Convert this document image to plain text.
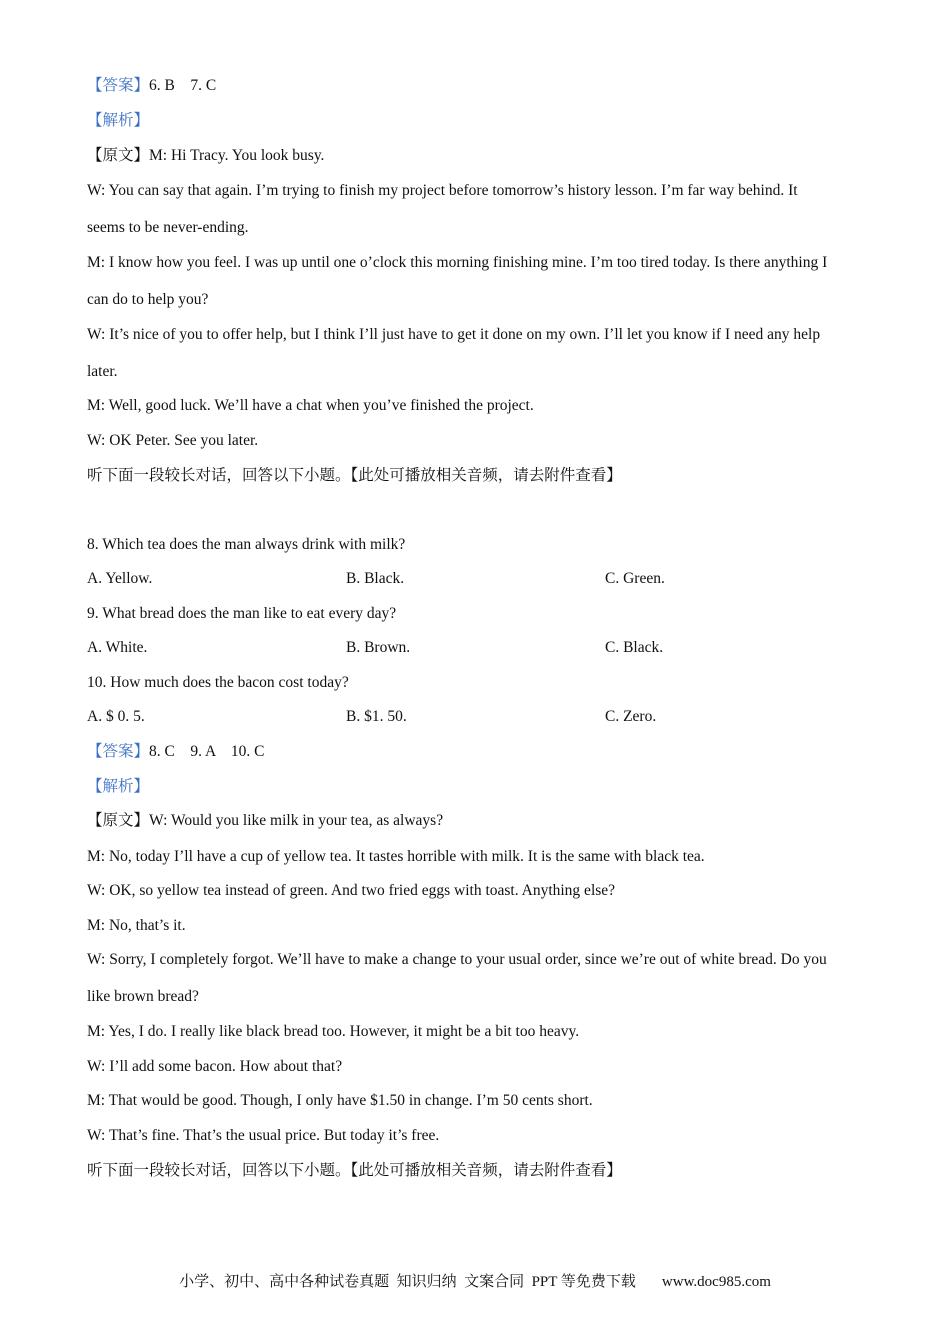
【答案】6. B    7. C
【解析】
【原文】M: Hi Tracy. You look busy.
W: You can say that again. I’m trying to finish my project before tomorrow’s history lesson. I’m far way behind. It
seems to be never-ending.
M: I know how you feel. I was up until one o’clock this morning finishing mine. I’m too tired today. Is there anything I
can do to help you?
W: It’s nice of you to offer help, but I think I’ll just have to get it done on my own. I’ll let you know if I need any help
later.
M: Well, good luck. We’ll have a chat when you’ve finished the project.
W: OK Peter. See you later.
听下面一段较长对话，回答以下小题。【此处可播放相关音频，请去附件查看】
8. Which tea does the man always drink with milk?
A. Yellow.	B. Black.	C. Green.
9. What bread does the man like to eat every day?
A. White.	B. Brown.	C. Black.
10. How much does the bacon cost today?
A. $ 0. 5.	B. $1. 50.	C. Zero.
【答案】8. C    9. A    10. C
【解析】
【原文】W: Would you like milk in your tea, as always?
M: No, today I’ll have a cup of yellow tea. It tastes horrible with milk. It is the same with black tea.
W: OK, so yellow tea instead of green. And two fried eggs with toast. Anything else?
M: No, that’s it.
W: Sorry, I completely forgot. We’ll have to make a change to your usual order, since we’re out of white bread. Do you
like brown bread?
M: Yes, I do. I really like black bread too. However, it might be a bit too heavy.
W: I’ll add some bacon. How about that?
M: That would be good. Though, I only have $1.50 in change. I’m 50 cents short.
W: That’s fine. That’s the usual price. But today it’s free.
听下面一段较长对话，回答以下小题。【此处可播放相关音频，请去附件查看】
小学、初中、高中各种试卷真题  知识归纳  文案合同  PPT 等免费下载 www.doc985.com
